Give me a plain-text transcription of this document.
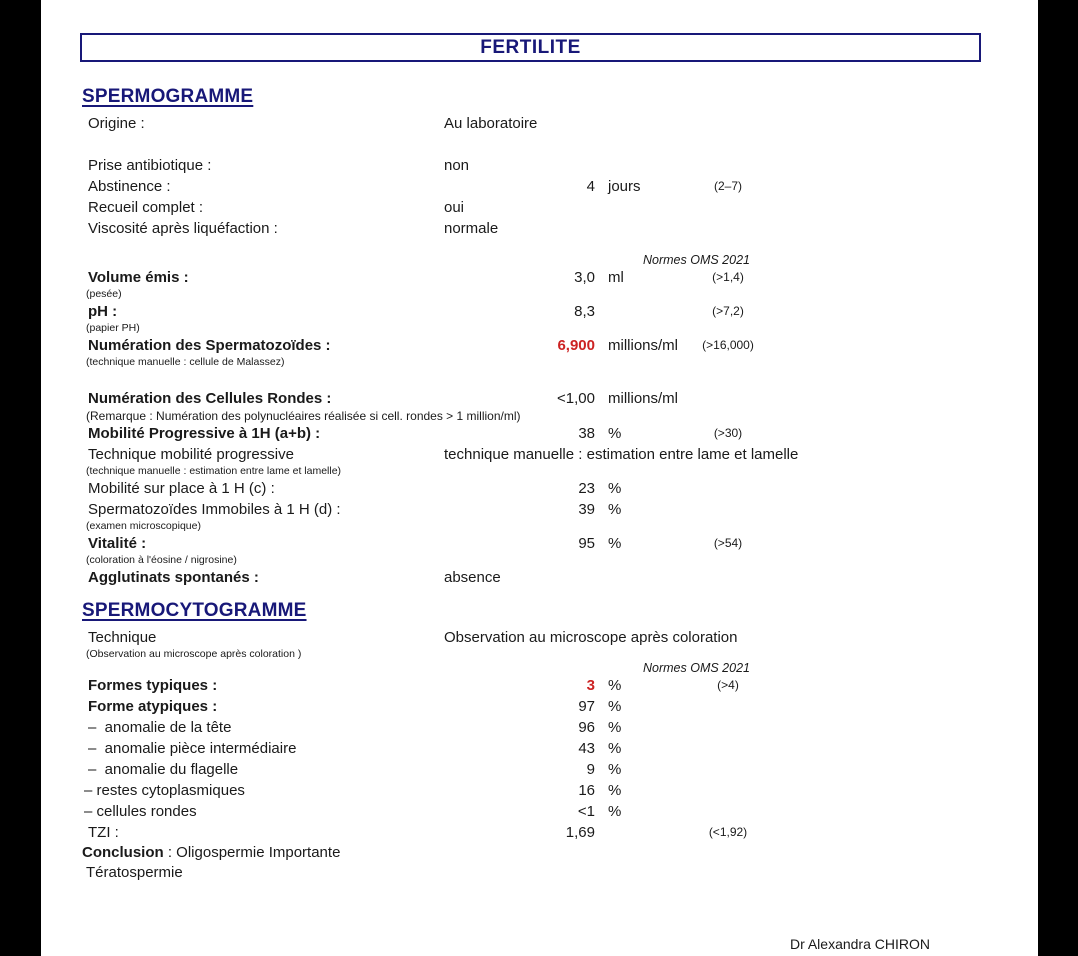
FERTILITE
SPERMOGRAMME
Origine :	Au laboratoire
Prise antibiotique :	non
Abstinence :	4 jours	(2–7)
Recueil complet :	oui
Viscosité après liquéfaction :	normale
Normes OMS 2021
Volume émis :	3,0 ml	(>1,4)
(pesée)
pH :	8,3	(>7,2)
(papier PH)
Numération des Spermatozoïdes :	6,900 millions/ml	(>16,000)
(technique manuelle : cellule de Malassez)
Numération des Cellules Rondes :	<1,00 millions/ml
(Remarque : Numération des polynucléaires réalisée si cell. rondes > 1 million/ml)
Mobilité Progressive à 1H (a+b) :	38 %	(>30)
Technique mobilité progressive	technique manuelle : estimation entre lame et lamelle
(technique manuelle : estimation entre lame et lamelle)
Mobilité sur place à 1 H (c) :	23 %
Spermatozoïdes Immobiles à 1 H (d) :	39 %
(examen microscopique)
Vitalité :	95 %	(>54)
(coloration à l'éosine / nigrosine)
Agglutinats spontanés :	absence
SPERMOCYTOGRAMME
Technique	Observation au microscope après coloration
(Observation au microscope après coloration )
Normes OMS 2021
Formes typiques :	3 %	(>4)
Forme atypiques :	97 %
–  anomalie de la tête	96 %
–  anomalie pièce intermédiaire	43 %
–  anomalie du flagelle	9 %
– restes cytoplasmiques	16 %
– cellules rondes	<1 %
TZI :	1,69	(<1,92)
Conclusion : Oligospermie Importante
Tératospermie
Dr Alexandra CHIRON
